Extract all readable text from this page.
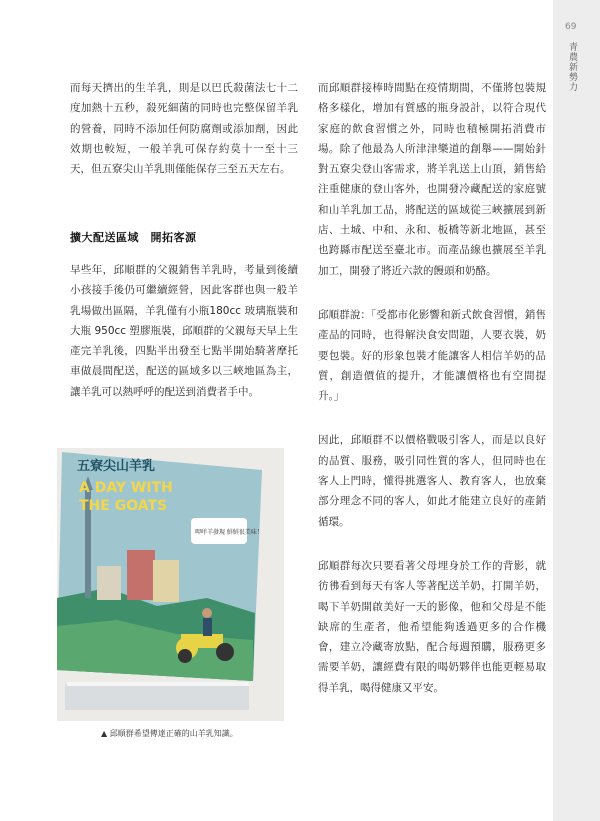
69
青農新勢力

而每天擠出的生羊乳，則是以巴氏殺菌法七十二度加熱十五秒，殺死細菌的同時也完整保留羊乳的營養，同時不添加任何防腐劑或添加劑，因此效期也較短，一般羊乳可保存約莫十一至十三天，但五寮尖山羊乳則僅能保存三至五天左右。

擴大配送區域　開拓客源

早些年，邱順群的父親銷售羊乳時，考量到後續小孩接手後仍可繼續經營，因此客群也與一般羊乳場做出區隔，羊乳僅有小瓶180cc 玻璃瓶裝和大瓶 950cc 塑膠瓶裝，邱順群的父親每天早上生產完羊乳後，四點半出發至七點半開始騎著摩托車做晨間配送，配送的區域多以三峽地區為主，讓羊乳可以熱呼呼的配送到消費者手中。

而邱順群接棒時間點在疫情期間，不僅將包裝規格多樣化，增加有質感的瓶身設計，以符合現代家庭的飲食習慣之外，同時也積極開拓消費市場。除了他最為人所津津樂道的創舉——開始針對五寮尖登山客需求，將羊乳送上山頂，銷售給注重健康的登山客外，也開發冷藏配送的家庭號和山羊乳加工品，將配送的區域從三峽擴展到新店、土城、中和、永和、板橋等新北地區，甚至也跨縣市配送至臺北市。而產品線也擴展至羊乳加工，開發了將近六款的饅頭和奶酪。

邱順群說：「受都市化影響和新式飲食習慣，銷售產品的同時，也得解決食安問題，人要衣裝，奶要包裝。好的形象包裝才能讓客人相信羊奶的品質，創造價值的提升，才能讓價格也有空間提升。」

因此，邱順群不以價格戰吸引客人，而是以良好的品質、服務，吸引同性質的客人，但同時也在客人上門時，懂得挑選客人、教育客人，也放棄部分理念不同的客人，如此才能建立良好的產銷循環。

邱順群每次只要看著父母埋身於工作的背影，就彷彿看到每天有客人等著配送羊奶，打開羊奶，喝下羊奶開啟美好一天的影像，他和父母是不能缺席的生產者，他希望能夠透過更多的合作機會，建立冷藏寄放點，配合每週預購，服務更多需要羊奶，讓經費有限的喝奶夥伴也能更輕易取得羊乳，喝得健康又平安。

五寮尖山羊乳
A DAY WITH
THE GOATS
呷咩羊發現 鮮鮮很美味！
▲ 邱順群希望傳達正確的山羊乳知識。
